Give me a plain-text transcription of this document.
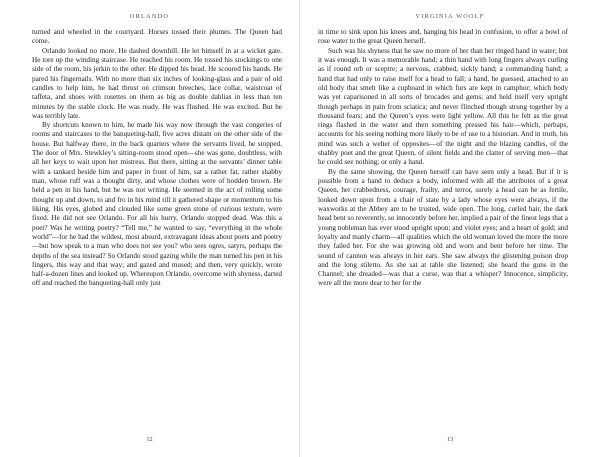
ORLANDO

turned and wheeled in the courtyard. Horses tossed their plumes. The Queen had come.

Orlando looked no more. He dashed downhill. He let himself in at a wicket gate. He tore up the winding staircase. He reached his room. He tossed his stockings to one side of the room, his jerkin to the other. He dipped his head. He scoured his hands. He pared his fingernails. With no more than six inches of looking-glass and a pair of old candles to help him, he had thrust on crimson breeches, lace collar, waistcoat of taffeta, and shoes with rosettes on them as big as double dahlias in less than ten minutes by the stable clock. He was ready. He was flushed. He was excited. But he was terribly late.

By shortcuts known to him, he made his way now through the vast congeries of rooms and staircases to the banqueting-hall, five acres distant on the other side of the house. But halfway there, in the back quarters where the servants lived, he stopped. The door of Mrs. Stewkley’s sitting-room stood open—she was gone, doubtless, with all her keys to wait upon her mistress. But there, sitting at the servants’ dinner table with a tankard beside him and paper in front of him, sat a rather fat, rather shabby man, whose ruff was a thought dirty, and whose clothes were of hodden brown. He held a pen in his hand, but he was not writing. He seemed in the act of rolling some thought up and down, to and fro in his mind till it gathered shape or momentum to his liking. His eyes, globed and clouded like some green stone of curious texture, were fixed. He did not see Orlando. For all his hurry, Orlando stopped dead. Was this a poet? Was he writing poetry? “Tell me,” he wanted to say, “everything in the whole world”—for he had the wildest, most absurd, extravagant ideas about poets and poetry—but how speak to a man who does not see you? who sees ogres, satyrs, perhaps the depths of the sea instead? So Orlando stood gazing while the man turned his pen in his fingers, this way and that way; and gazed and mused; and then, very quickly, wrote half-a-dozen lines and looked up. Whereupon Orlando, overcome with shyness, darted off and reached the banqueting-hall only just

12
VIRGINIA WOOLF

in time to sink upon his knees and, hanging his head in confusion, to offer a bowl of rose water to the great Queen herself.

Such was his shyness that he saw no more of her than her ringed hand in water; but it was enough. It was a memorable hand; a thin hand with long fingers always curling as if round orb or sceptre; a nervous, crabbed, sickly hand; a commanding hand; a hand that had only to raise itself for a head to fall; a hand, he guessed, attached to an old body that smelt like a cupboard in which furs are kept in camphor; which body was yet caparisoned in all sorts of brocades and gems; and held itself very upright though perhaps in pain from sciatica; and never flinched though strung together by a thousand fears; and the Queen’s eyes were light yellow. All this he felt as the great rings flashed in the water and then something pressed his hair—which, perhaps, accounts for his seeing nothing more likely to be of use to a historian. And in truth, his mind was such a welter of opposites—of the night and the blazing candles, of the shabby poet and the great Queen, of silent fields and the clatter of serving men—that he could see nothing; or only a hand.

By the same showing, the Queen herself can have seen only a head. But if it is possible from a hand to deduce a body, informed with all the attributes of a great Queen, her crabbedness, courage, frailty, and terror, surely a head can be as fertile, looked down upon from a chair of state by a lady whose eyes were always, if the waxworks at the Abbey are to be trusted, wide open. The long, curled hair, the dark head bent so reverently, so innocently before her, implied a pair of the finest legs that a young nobleman has ever stood upright upon; and violet eyes; and a heart of gold; and loyalty and manly charm—all qualities which the old woman loved the more the more they failed her. For she was growing old and worn and bent before her time. The sound of cannon was always in her ears. She saw always the glistening poison drop and the long stiletto. As she sat at table she listened; she heard the guns in the Channel; she dreaded—was that a curse, was that a whisper? Innocence, simplicity, were all the more dear to her for the

13
